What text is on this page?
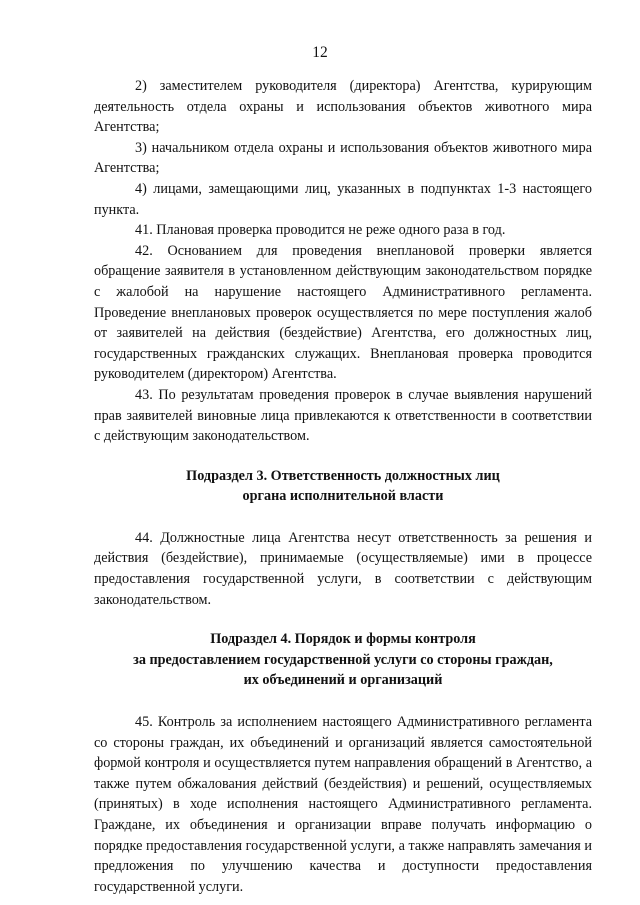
12

2) заместителем руководителя (директора) Агентства, курирующим деятельность отдела охраны и использования объектов животного мира Агентства;

3) начальником отдела охраны и использования объектов животного мира Агентства;

4) лицами, замещающими лиц, указанных в подпунктах 1-3 настоящего пункта.

41. Плановая проверка проводится не реже одного раза в год.

42. Основанием для проведения внеплановой проверки является обращение заявителя в установленном действующим законодательством порядке с жалобой на нарушение настоящего Административного регламента. Проведение внеплановых проверок осуществляется по мере поступления жалоб от заявителей на действия (бездействие) Агентства, его должностных лиц, государственных гражданских служащих. Внеплановая проверка проводится руководителем (директором) Агентства.

43. По результатам проведения проверок в случае выявления нарушений прав заявителей виновные лица привлекаются к ответственности в соответствии с действующим законодательством.

Подраздел 3. Ответственность должностных лиц
органа исполнительной власти

44. Должностные лица Агентства несут ответственность за решения и действия (бездействие), принимаемые (осуществляемые) ими в процессе предоставления государственной услуги, в соответствии с действующим законодательством.

Подраздел 4. Порядок и формы контроля
за предоставлением государственной услуги со стороны граждан,
их объединений и организаций

45. Контроль за исполнением настоящего Административного регламента со стороны граждан, их объединений и организаций является самостоятельной формой контроля и осуществляется путем направления обращений в Агентство, а также путем обжалования действий (бездействия) и решений, осуществляемых (принятых) в ходе исполнения настоящего Административного регламента. Граждане, их объединения и организации вправе получать информацию о порядке предоставления государственной услуги, а также направлять замечания и предложения по улучшению качества и доступности предоставления государственной услуги.
